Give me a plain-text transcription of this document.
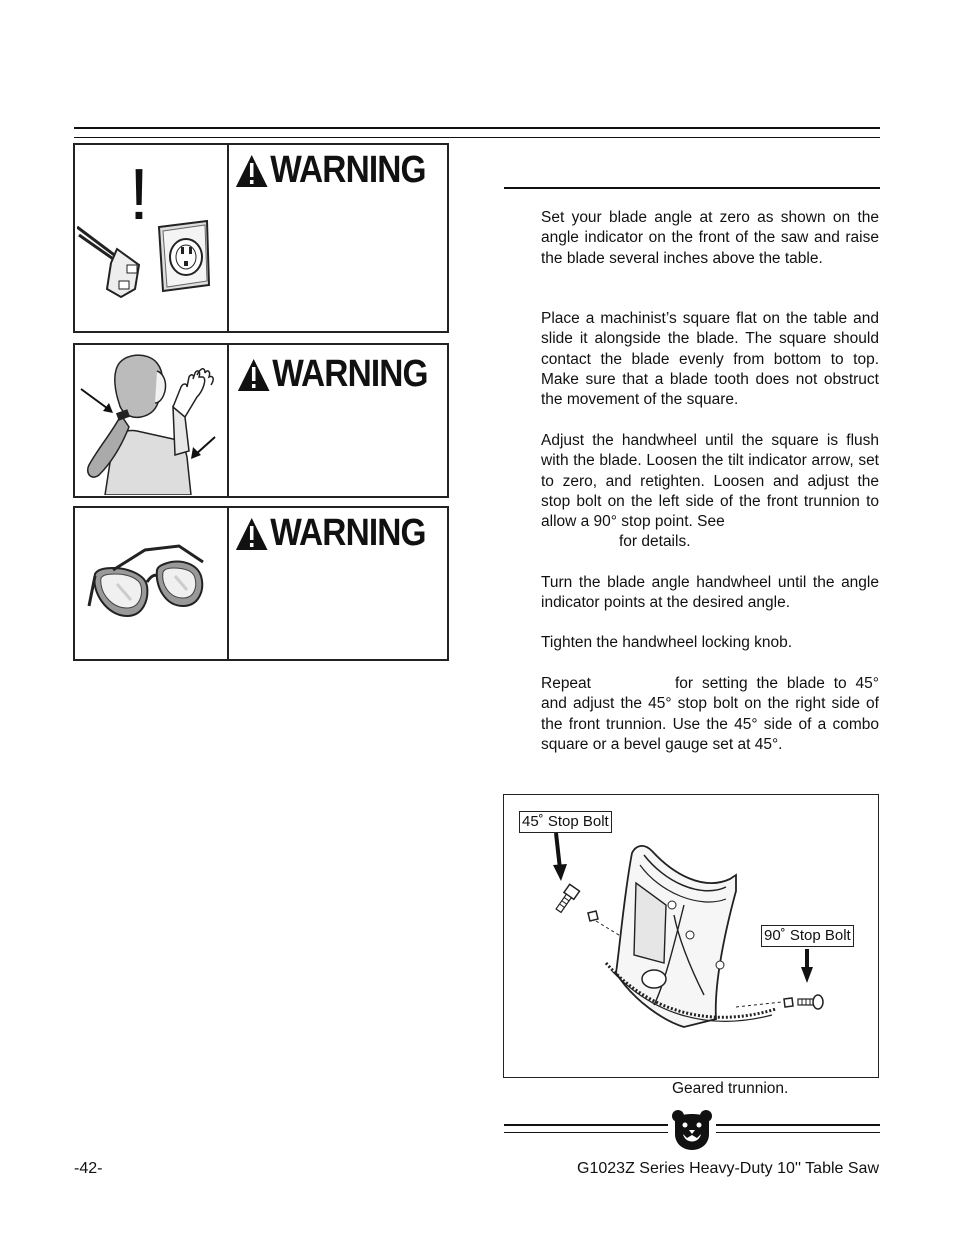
!	WARNING
WARNING
WARNING

Set your blade angle at zero as shown on the angle indicator on the front of the saw and raise the blade several inches above the table.

Place a machinist’s square flat on the table and slide it alongside the blade. The square should contact the blade evenly from bottom to top. Make sure that a blade tooth does not obstruct the movement of the square.

Adjust the handwheel until the square is flush with the blade. Loosen the tilt indicator arrow, set to zero, and retighten. Loosen and adjust the stop bolt on the left side of the front trunnion to allow a 90° stop point. See
for details.

Turn the blade angle handwheel until the angle indicator points at the desired angle.

Tighten the handwheel locking knob.

Repeat	for setting the blade to 45° and adjust the 45° stop bolt on the right side of the front trunnion. Use the 45° side of a combo square or a bevel gauge set at 45°.

45˚ Stop Bolt
90˚ Stop Bolt
Geared trunnion.
-42-	G1023Z Series Heavy-Duty 10'' Table Saw
